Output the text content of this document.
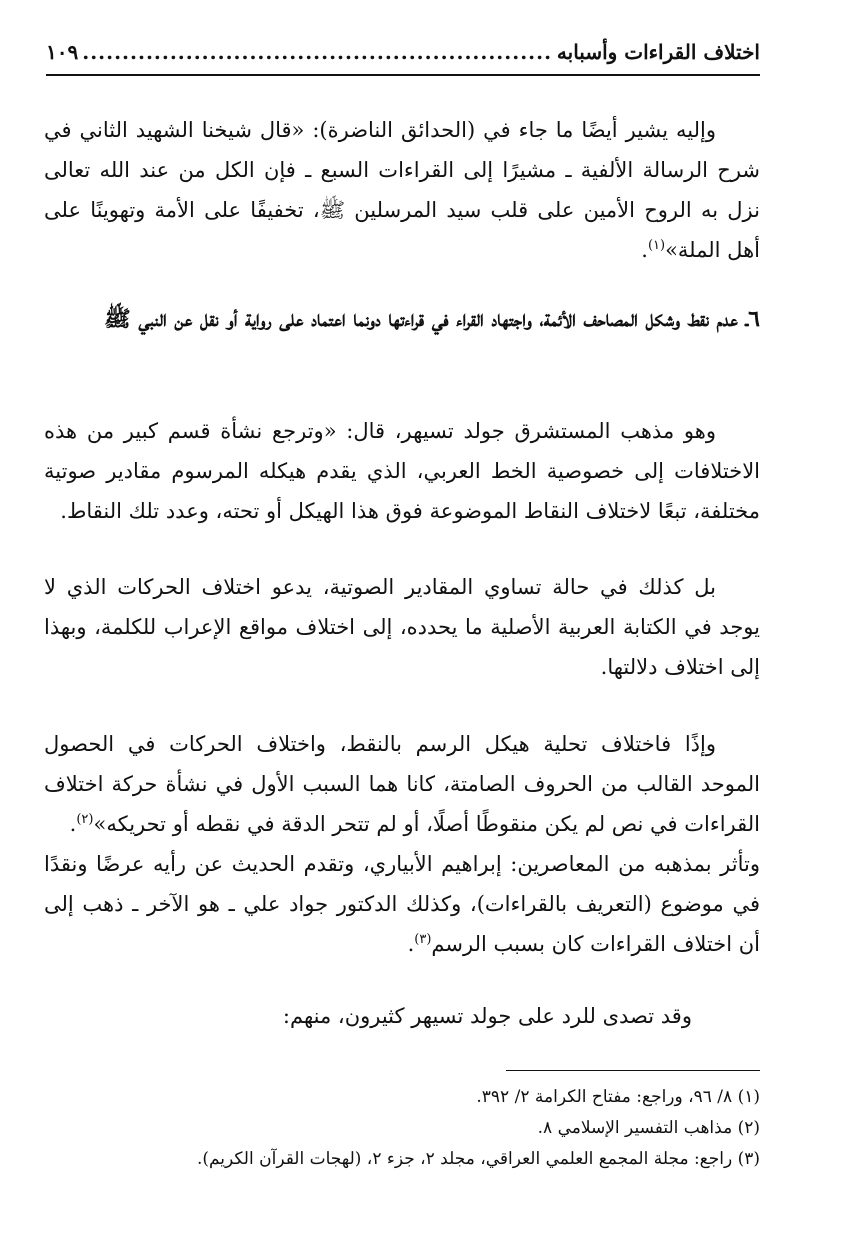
اختلاف القراءات وأسبابه
.....
١٠٩

وإليه يشير أيضًا ما جاء في (الحدائق الناضرة): «قال شيخنا الشهيد الثاني في شرح الرسالة الألفية ـ مشيرًا إلى القراءات السبع ـ فإن الكل من عند الله تعالى نزل به الروح الأمين على قلب سيد المرسلين ﷺ، تخفيفًا على الأمة وتهوينًا على أهل الملة»$^{(١)}$.

٦ـ عدم نقط وشكل المصاحف الأئمة، واجتهاد القراء في قراءتها دونما اعتماد على رواية أو نقل عن النبي ﷺ

وهو مذهب المستشرق جولد تسيهر، قال: «وترجع نشأة قسم كبير من هذه الاختلافات إلى خصوصية الخط العربي، الذي يقدم هيكله المرسوم مقادير صوتية مختلفة، تبعًا لاختلاف النقاط الموضوعة فوق هذا الهيكل أو تحته، وعدد تلك النقاط.

بل كذلك في حالة تساوي المقادير الصوتية، يدعو اختلاف الحركات الذي لا يوجد في الكتابة العربية الأصلية ما يحدده، إلى اختلاف مواقع الإعراب للكلمة، وبهذا إلى اختلاف دلالتها.

وإذًا فاختلاف تحلية هيكل الرسم بالنقط، واختلاف الحركات في الحصول الموحد القالب من الحروف الصامتة، كانا هما السبب الأول في نشأة حركة اختلاف القراءات في نص لم يكن منقوطًا أصلًا، أو لم تتحر الدقة في نقطه أو تحريكه»$^{(٢)}$.

وتأثر بمذهبه من المعاصرين: إبراهيم الأبياري، وتقدم الحديث عن رأيه عرضًا ونقدًا في موضوع (التعريف بالقراءات)، وكذلك الدكتور جواد علي ـ هو الآخر ـ ذهب إلى أن اختلاف القراءات كان بسبب الرسم$^{(٣)}$.

وقد تصدى للرد على جولد تسيهر كثيرون، منهم:

(١) ٨/ ٩٦، وراجع: مفتاح الكرامة ٢/ ٣٩٢.

(٢) مذاهب التفسير الإسلامي ٨.

(٣) راجع: مجلة المجمع العلمي العراقي، مجلد ٢، جزء ٢، (لهجات القرآن الكريم).
